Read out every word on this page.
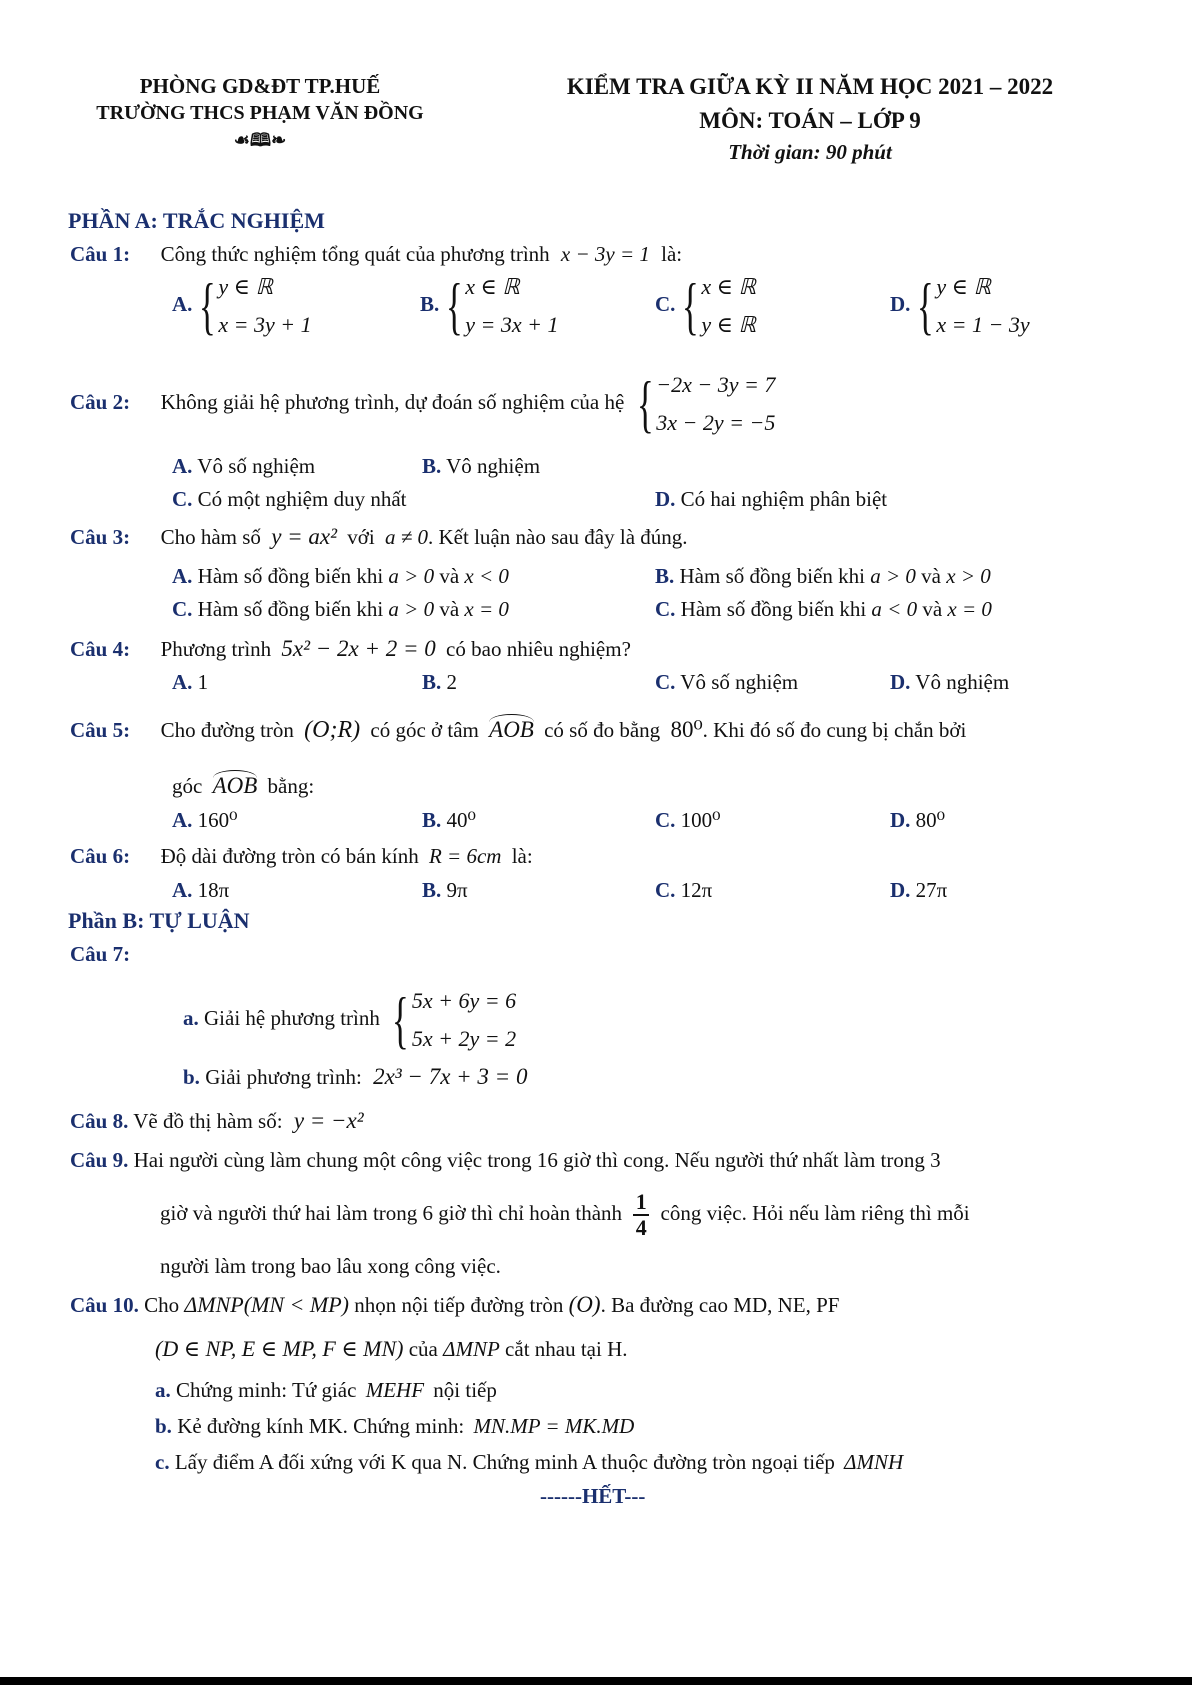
PHÒNG GD&ĐT TP.HUẾ
TRƯỜNG THCS PHẠM VĂN ĐỒNG
☙🕮❧
KIỂM TRA GIỮA KỲ II NĂM HỌC 2021 – 2022
MÔN: TOÁN – LỚP 9
Thời gian: 90 phút
PHẦN A: TRẮC NGHIỆM
Câu 1: Công thức nghiệm tổng quát của phương trình x − 3y = 1 là:
A. { y ∈ ℝ
x = 3y + 1
B. { x ∈ ℝ
y = 3x + 1
C. { x ∈ ℝ
y ∈ ℝ
D. { y ∈ ℝ
x = 1 − 3y
Câu 2: Không giải hệ phương trình, dự đoán số nghiệm của hệ { −2x − 3y = 7
3x − 2y = −5
A. Vô số nghiệm	B. Vô nghiệm
C. Có một nghiệm duy nhất	D. Có hai nghiệm phân biệt
Câu 3: Cho hàm số y = ax² với a ≠ 0. Kết luận nào sau đây là đúng.
A. Hàm số đồng biến khi a > 0 và x < 0	B. Hàm số đồng biến khi a > 0 và x > 0
C. Hàm số đồng biến khi a > 0 và x = 0	C. Hàm số đồng biến khi a < 0 và x = 0
Câu 4: Phương trình 5x² − 2x + 2 = 0 có bao nhiêu nghiệm?
A. 1	B. 2	C. Vô số nghiệm	D. Vô nghiệm
Câu 5: Cho đường tròn (O;R) có góc ở tâm AOB có số đo bằng 80⁰. Khi đó số đo cung bị chắn bởi
góc AOB bằng:
A. 160⁰	B. 40⁰	C. 100⁰	D. 80⁰
Câu 6: Độ dài đường tròn có bán kính R = 6cm là:
A. 18π	B. 9π	C. 12π	D. 27π
Phần B: TỰ LUẬN
Câu 7:
a. Giải hệ phương trình { 5x + 6y = 6
5x + 2y = 2
b. Giải phương trình: 2x³ − 7x + 3 = 0
Câu 8. Vẽ đồ thị hàm số: y = −x²
Câu 9. Hai người cùng làm chung một công việc trong 16 giờ thì cong. Nếu người thứ nhất làm trong 3
giờ và người thứ hai làm trong 6 giờ thì chỉ hoàn thành $\frac{1}{4}$ công việc. Hỏi nếu làm riêng thì mỗi
người làm trong bao lâu xong công việc.
Câu 10. Cho ΔMNP(MN < MP) nhọn nội tiếp đường tròn (O). Ba đường cao MD, NE, PF
(D ∈ NP, E ∈ MP, F ∈ MN) của ΔMNP cắt nhau tại H.
a. Chứng minh: Tứ giác MEHF nội tiếp
b. Kẻ đường kính MK. Chứng minh: MN.MP = MK.MD
c. Lấy điểm A đối xứng với K qua N. Chứng minh A thuộc đường tròn ngoại tiếp ΔMNH
------HẾT---
